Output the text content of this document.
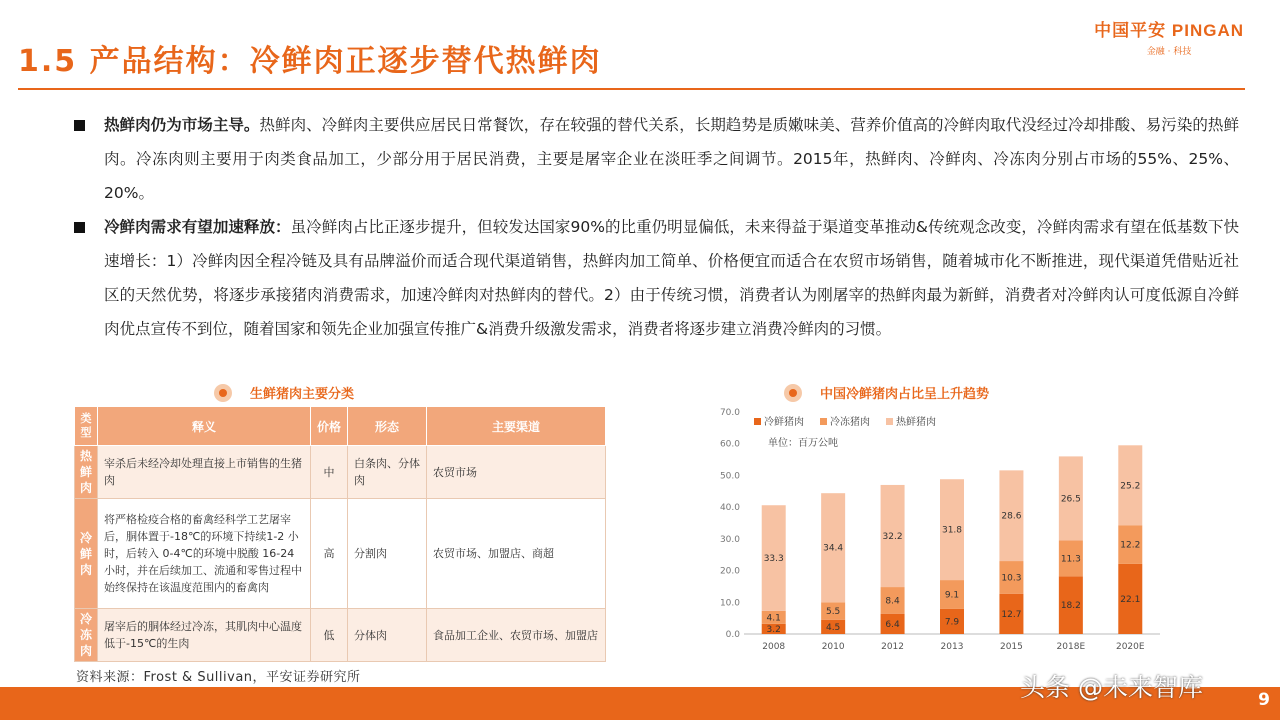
1.5 产品结构：冷鲜肉正逐步替代热鲜肉
中国平安 PINGAN
金融 · 科技
热鲜肉仍为市场主导。热鲜肉、冷鲜肉主要供应居民日常餐饮，存在较强的替代关系，长期趋势是质嫩味美、营养价值高的冷鲜肉取代没经过冷却排酸、易污染的热鲜肉。冷冻肉则主要用于肉类食品加工，少部分用于居民消费，主要是屠宰企业在淡旺季之间调节。2015年，热鲜肉、冷鲜肉、冷冻肉分别占市场的55%、25%、20%。
冷鲜肉需求有望加速释放：虽冷鲜肉占比正逐步提升，但较发达国家90%的比重仍明显偏低，未来得益于渠道变革推动&传统观念改变，冷鲜肉需求有望在低基数下快速增长：1）冷鲜肉因全程冷链及具有品牌溢价而适合现代渠道销售，热鲜肉加工简单、价格便宜而适合在农贸市场销售，随着城市化不断推进，现代渠道凭借贴近社区的天然优势，将逐步承接猪肉消费需求，加速冷鲜肉对热鲜肉的替代。2）由于传统习惯，消费者认为刚屠宰的热鲜肉最为新鲜，消费者对冷鲜肉认可度低源自冷鲜肉优点宣传不到位，随着国家和领先企业加强宣传推广&消费升级激发需求，消费者将逐步建立消费冷鲜肉的习惯。
生鲜猪肉主要分类
类型	释义	价格	形态	主要渠道
热鲜肉	宰杀后未经冷却处理直接上市销售的生猪肉	中	白条肉、分体肉	农贸市场
冷鲜肉	将严格检疫合格的畜禽经科学工艺屠宰后，胴体置于-18℃的环境下持续1-2 小时，后转入 0-4℃的环境中脱酸 16-24 小时，并在后续加工、流通和零售过程中始终保持在该温度范围内的畜禽肉	高	分割肉	农贸市场、加盟店、商超
冷冻肉	屠宰后的胴体经过冷冻，其肌肉中心温度低于-15℃的生肉	低	分体肉	食品加工企业、农贸市场、加盟店
资料来源：Frost & Sullivan，平安证券研究所
中国冷鲜猪肉占比呈上升趋势
0.0
10.0
20.0
30.0
40.0
50.0
60.0
70.0
冷鲜猪肉	冷冻猪肉	热鲜猪肉
单位：百万公吨
3.2
4.1
33.3
2008
4.5
5.5
34.4
2010
6.4
8.4
32.2
2012
7.9
9.1
31.8
2013
12.7
10.3
28.6
2015
18.2
11.3
26.5
2018E
22.1
12.2
25.2
2020E
头条 @未来智库	9
